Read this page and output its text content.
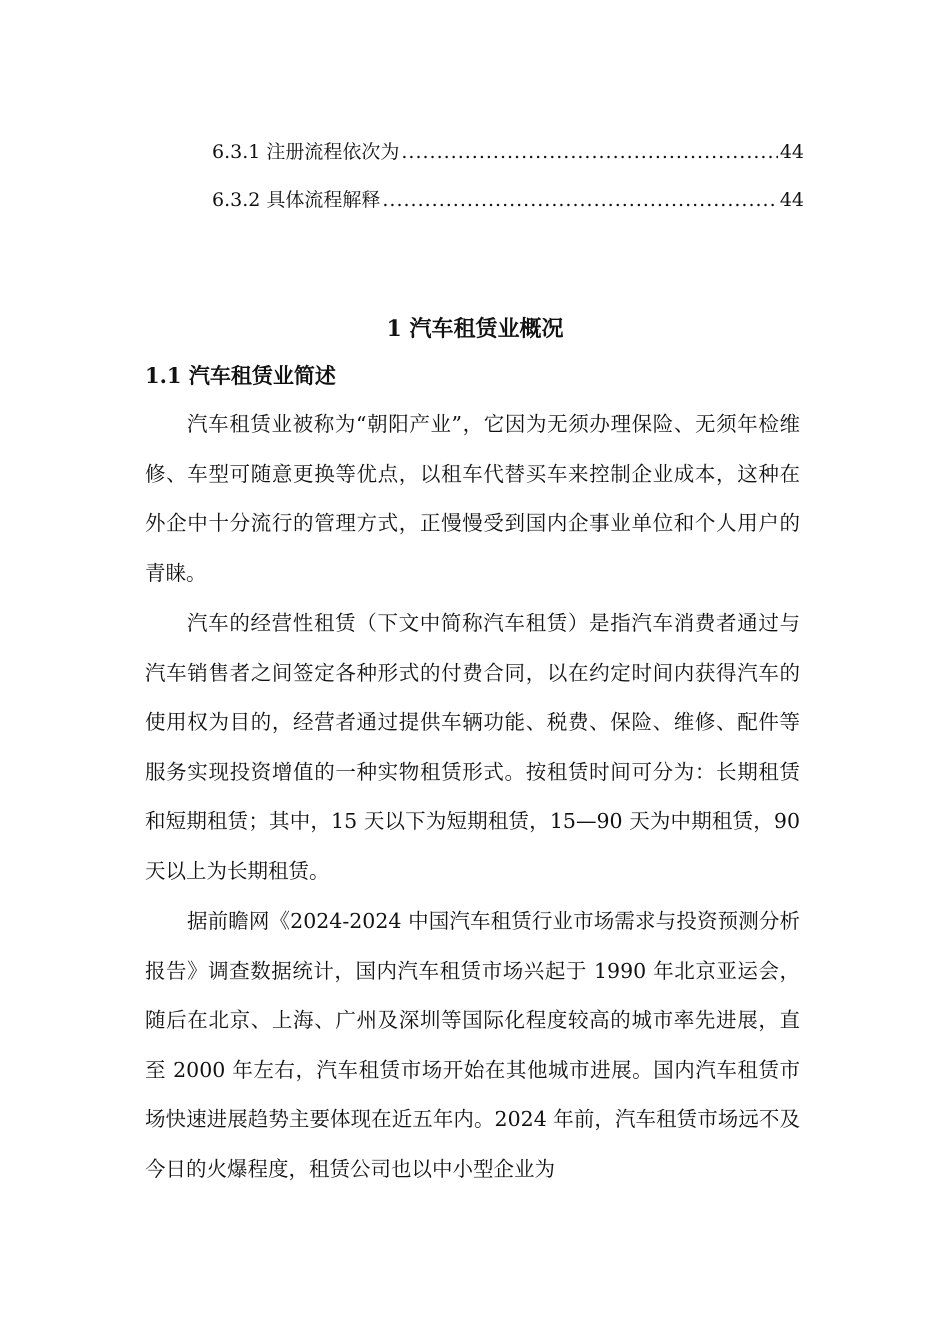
6.3.1 注册流程依次为 .....	44
6.3.2 具体流程解释 .....	44
1 汽车租赁业概况
1.1 汽车租赁业简述

汽车租赁业被称为“朝阳产业”，它因为无须办理保险、无须年检维修、车型可随意更换等优点，以租车代替买车来控制企业成本，这种在外企中十分流行的管理方式，正慢慢受到国内企事业单位和个人用户的青睐。

汽车的经营性租赁（下文中简称汽车租赁）是指汽车消费者通过与汽车销售者之间签定各种形式的付费合同，以在约定时间内获得汽车的使用权为目的，经营者通过提供车辆功能、税费、保险、维修、配件等服务实现投资增值的一种实物租赁形式。按租赁时间可分为：长期租赁和短期租赁；其中，15 天以下为短期租赁，15—90 天为中期租赁，90 天以上为长期租赁。

据前瞻网《2024-2024 中国汽车租赁行业市场需求与投资预测分析报告》调查数据统计，国内汽车租赁市场兴起于 1990 年北京亚运会，随后在北京、上海、广州及深圳等国际化程度较高的城市率先进展，直至 2000 年左右，汽车租赁市场开始在其他城市进展。国内汽车租赁市场快速进展趋势主要体现在近五年内。2024 年前，汽车租赁市场远不及今日的火爆程度，租赁公司也以中小型企业为
